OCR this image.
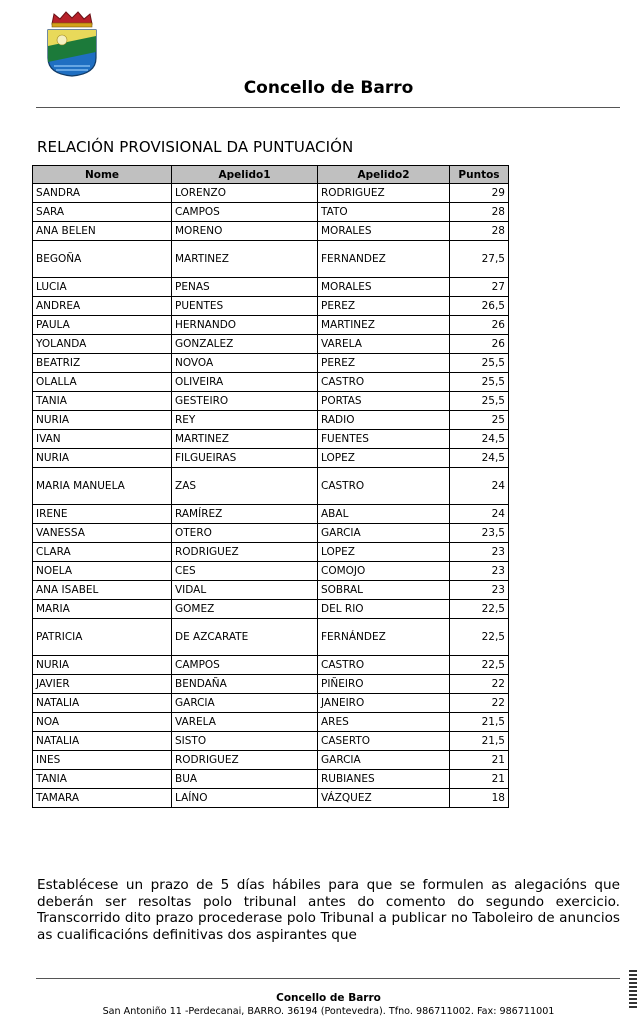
Concello de Barro
RELACIÓN PROVISIONAL DA PUNTUACIÓN
Nome	Apelido1	Apelido2	Puntos
SANDRA	LORENZO	RODRIGUEZ	29
SARA	CAMPOS	TATO	28
ANA BELEN	MORENO	MORALES	28
BEGOÑA	MARTINEZ	FERNANDEZ	27,5
LUCIA	PENAS	MORALES	27
ANDREA	PUENTES	PEREZ	26,5
PAULA	HERNANDO	MARTINEZ	26
YOLANDA	GONZALEZ	VARELA	26
BEATRIZ	NOVOA	PEREZ	25,5
OLALLA	OLIVEIRA	CASTRO	25,5
TANIA	GESTEIRO	PORTAS	25,5
NURIA	REY	RADIO	25
IVAN	MARTINEZ	FUENTES	24,5
NURIA	FILGUEIRAS	LOPEZ	24,5
MARIA MANUELA	ZAS	CASTRO	24
IRENE	RAMÍREZ	ABAL	24
VANESSA	OTERO	GARCIA	23,5
CLARA	RODRIGUEZ	LOPEZ	23
NOELA	CES	COMOJO	23
ANA ISABEL	VIDAL	SOBRAL	23
MARIA	GOMEZ	DEL RIO	22,5
PATRICIA	DE AZCARATE	FERNÁNDEZ	22,5
NURIA	CAMPOS	CASTRO	22,5
JAVIER	BENDAÑA	PIÑEIRO	22
NATALIA	GARCIA	JANEIRO	22
NOA	VARELA	ARES	21,5
NATALIA	SISTO	CASERTO	21,5
INES	RODRIGUEZ	GARCIA	21
TANIA	BUA	RUBIANES	21
TAMARA	LAÍNO	VÁZQUEZ	18
Establécese un prazo de 5 días hábiles para que se formulen as alegacións que deberán ser resoltas polo tribunal antes do comento do segundo exercicio. Transcorrido dito prazo procederase polo Tribunal a publicar no Taboleiro de anuncios as cualificacións definitivas dos aspirantes que
Concello de Barro
San Antoniño 11 -Perdecanai, BARRO. 36194 (Pontevedra). Tfno. 986711002. Fax: 986711001
